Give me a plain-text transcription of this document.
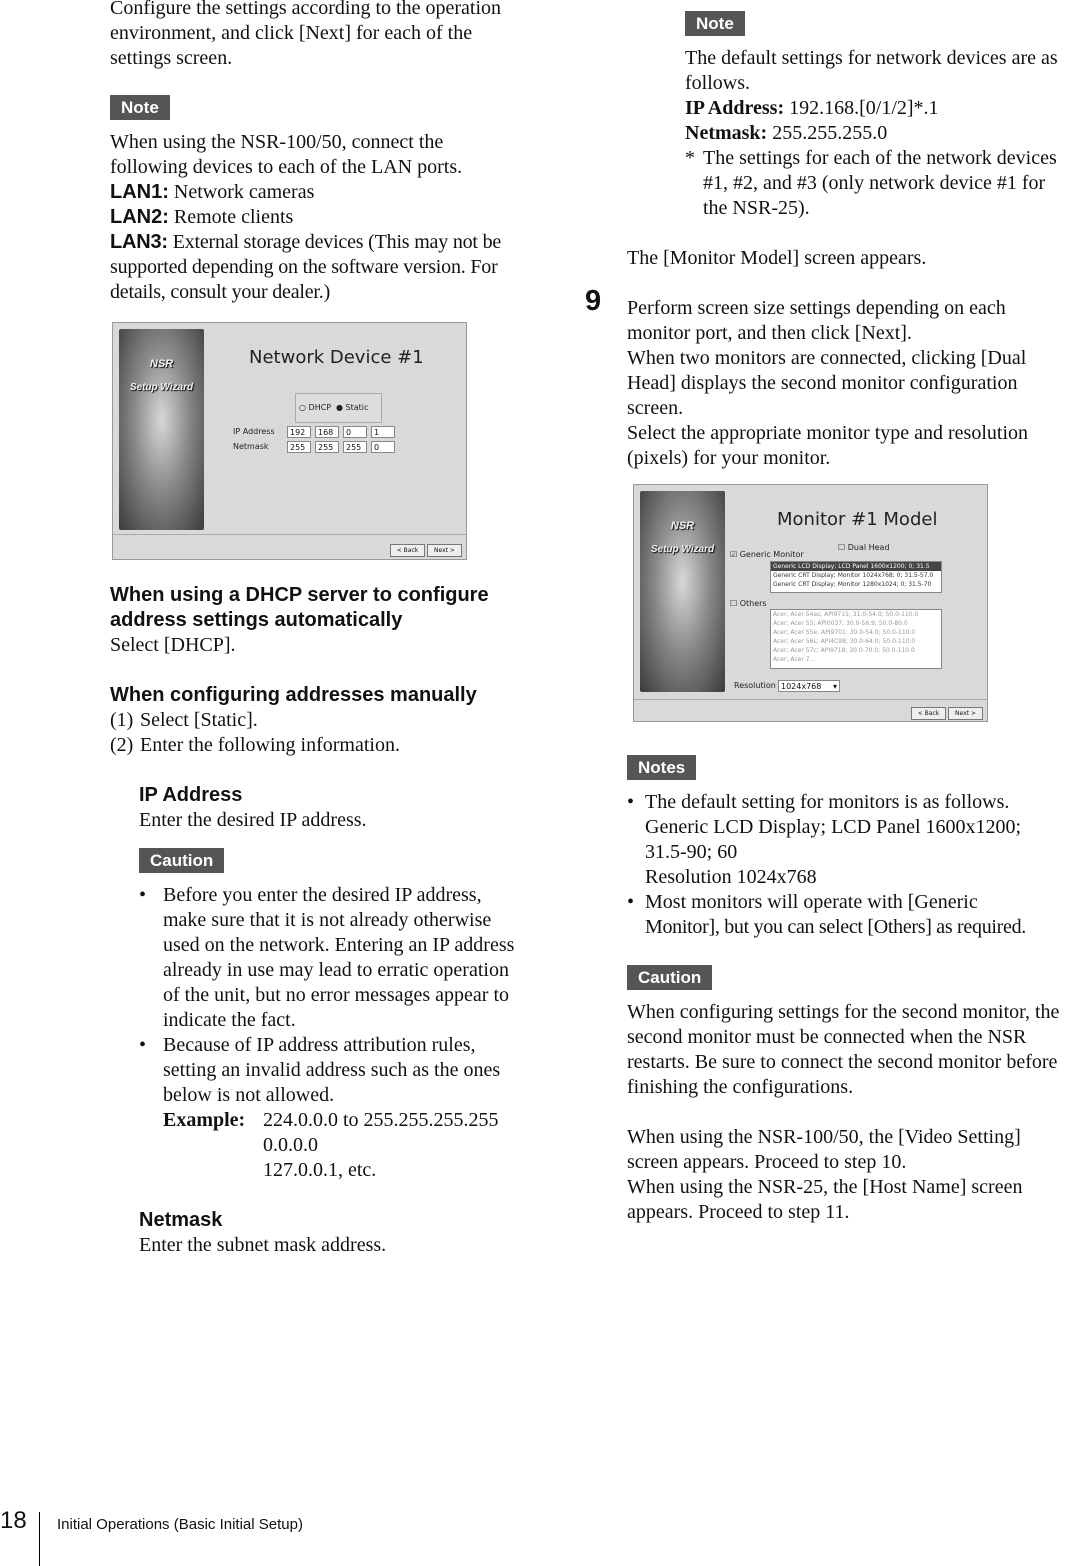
Configure the settings according to the operation environment, and click [Next] for each of the settings screen.

Note

When using the NSR-100/50, connect the following devices to each of the LAN ports.

LAN1: Network cameras

LAN2: Remote clients

LAN3: External storage devices (This may not be supported depending on the software version. For details, consult your dealer.)

NSR
Setup Wizard
Network Device #1
○ DHCP ● Static
IP Address
Netmask
192	168	0	1
255	255	255	0
< Back	Next >

When using a DHCP server to configure address settings automatically

Select [DHCP].

When configuring addresses manually

(1) Select [Static].
(2) Enter the following information.

IP Address

Enter the desired IP address.

Caution
• Before you enter the desired IP address, make sure that it is not already otherwise used on the network. Entering an IP address already in use may lead to erratic operation of the unit, but no error messages appear to indicate the fact.
• Because of IP address attribution rules, setting an invalid address such as the ones below is not allowed.
Example: 224.0.0.0 to 255.255.255.255

0.0.0.0

127.0.0.1, etc.

Netmask

Enter the subnet mask address.

Note

The default settings for network devices are as follows.

IP Address: 192.168.[0/1/2]*.1

Netmask: 255.255.255.0

* The settings for each of the network devices #1, #2, and #3 (only network device #1 for the NSR-25).

The [Monitor Model] screen appears.

9 Perform screen size settings depending on each monitor port, and then click [Next].

When two monitors are connected, clicking [Dual Head] displays the second monitor configuration screen.

Select the appropriate monitor type and resolution (pixels) for your monitor.

NSR
Setup Wizard
Monitor #1 Model
☐ Dual Head
☑ Generic Monitor
Generic LCD Display; LCD Panel 1600x1200; 0; 31.5
Generic CRT Display; Monitor 1024x768; 0; 31.5-57.0
Generic CRT Display; Monitor 1280x1024; 0; 31.5-70
☐ Others
Acer; Acer 54as; API9715; 31.0-54.0; 50.0-110.0
Acer; Acer 55; API0037; 30.0-56.9; 50.0-80.0
Acer; Acer 55e; API9701; 30.0-54.0; 50.0-110.0
Acer; Acer 56L; API4C98; 30.0-64.0; 50.0-110.0
Acer; Acer 57c; API9718; 30.0-70.0; 50.0-110.0
Acer; Acer 7...
Resolution 1024x768 ▾
< Back	Next >
Notes
• The default setting for monitors is as follows.

Generic LCD Display; LCD Panel 1600x1200;

31.5-90; 60

Resolution 1024x768

• Most monitors will operate with [Generic

Monitor], but you can select [Others] as required.

Caution

When configuring settings for the second monitor, the second monitor must be connected when the NSR restarts. Be sure to connect the second monitor before finishing the configurations.

When using the NSR-100/50, the [Video Setting] screen appears. Proceed to step 10.

When using the NSR-25, the [Host Name] screen appears. Proceed to step 11.

18 Initial Operations (Basic Initial Setup)
